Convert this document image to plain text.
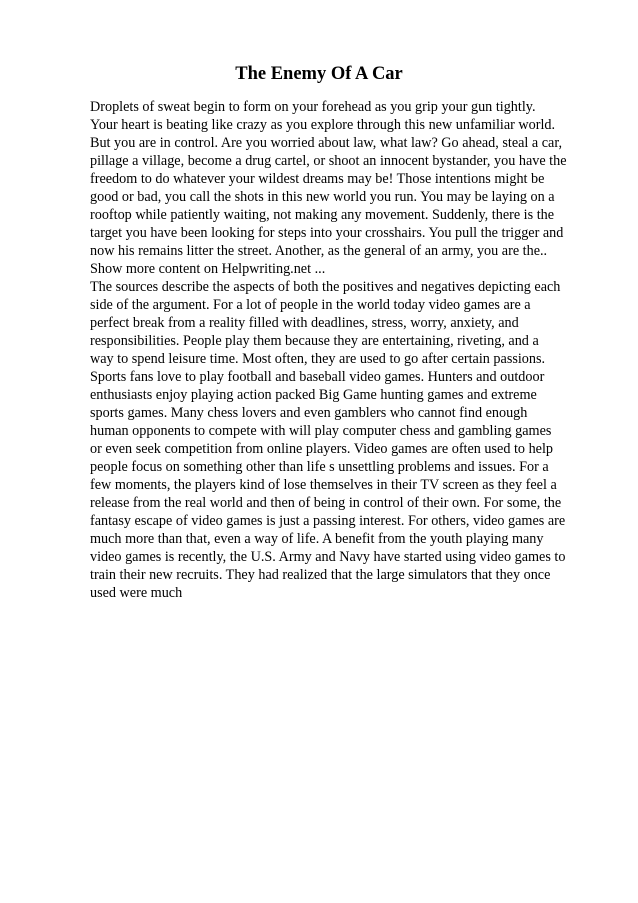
The Enemy Of A Car
Droplets of sweat begin to form on your forehead as you grip your gun tightly.
Your heart is beating like crazy as you explore through this new unfamiliar world.
But you are in control. Are you worried about law, what law? Go ahead, steal a car,
pillage a village, become a drug cartel, or shoot an innocent bystander, you have the
freedom to do whatever your wildest dreams may be! Those intentions might be
good or bad, you call the shots in this new world you run. You may be laying on a
rooftop while patiently waiting, not making any movement. Suddenly, there is the
target you have been looking for steps into your crosshairs. You pull the trigger and
now his remains litter the street. Another, as the general of an army, you are the..
Show more content on Helpwriting.net ...
The sources describe the aspects of both the positives and negatives depicting each
side of the argument. For a lot of people in the world today video games are a
perfect break from a reality filled with deadlines, stress, worry, anxiety, and
responsibilities. People play them because they are entertaining, riveting, and a
way to spend leisure time. Most often, they are used to go after certain passions.
Sports fans love to play football and baseball video games. Hunters and outdoor
enthusiasts enjoy playing action packed Big Game hunting games and extreme
sports games. Many chess lovers and even gamblers who cannot find enough
human opponents to compete with will play computer chess and gambling games
or even seek competition from online players. Video games are often used to help
people focus on something other than life s unsettling problems and issues. For a
few moments, the players kind of lose themselves in their TV screen as they feel a
release from the real world and then of being in control of their own. For some, the
fantasy escape of video games is just a passing interest. For others, video games are
much more than that, even a way of life. A benefit from the youth playing many
video games is recently, the U.S. Army and Navy have started using video games to
train their new recruits. They had realized that the large simulators that they once
used were much
